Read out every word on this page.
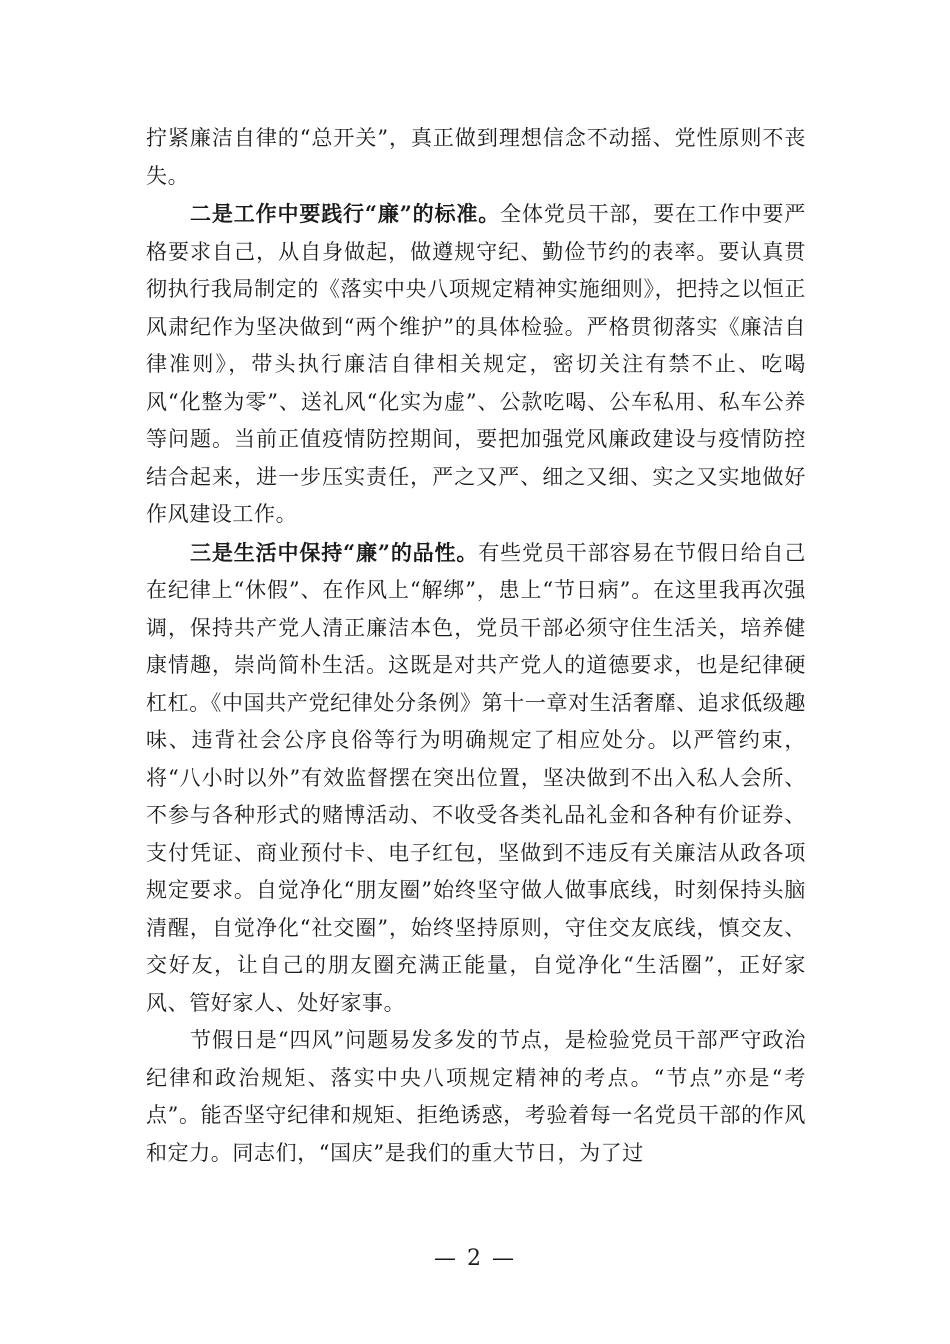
拧紧廉洁自律的“总开关”，真正做到理想信念不动摇、党性原则不丧失。

二是工作中要践行“廉”的标准。全体党员干部，要在工作中要严格要求自己，从自身做起，做遵规守纪、勤俭节约的表率。要认真贯彻执行我局制定的《落实中央八项规定精神实施细则》，把持之以恒正风肃纪作为坚决做到“两个维护”的具体检验。严格贯彻落实《廉洁自律准则》，带头执行廉洁自律相关规定，密切关注有禁不止、吃喝风“化整为零”、送礼风“化实为虚”、公款吃喝、公车私用、私车公养等问题。当前正值疫情防控期间，要把加强党风廉政建设与疫情防控结合起来，进一步压实责任，严之又严、细之又细、实之又实地做好作风建设工作。

三是生活中保持“廉”的品性。有些党员干部容易在节假日给自己在纪律上“休假”、在作风上“解绑”，患上“节日病”。在这里我再次强调，保持共产党人清正廉洁本色，党员干部必须守住生活关，培养健康情趣，崇尚简朴生活。这既是对共产党人的道德要求，也是纪律硬杠杠。《中国共产党纪律处分条例》第十一章对生活奢靡、追求低级趣味、违背社会公序良俗等行为明确规定了相应处分。以严管约束，将“八小时以外”有效监督摆在突出位置，坚决做到不出入私人会所、不参与各种形式的赌博活动、不收受各类礼品礼金和各种有价证券、支付凭证、商业预付卡、电子红包，坚做到不违反有关廉洁从政各项规定要求。自觉净化“朋友圈”始终坚守做人做事底线，时刻保持头脑清醒，自觉净化“社交圈”，始终坚持原则，守住交友底线，慎交友、交好友，让自己的朋友圈充满正能量，自觉净化“生活圈”，正好家风、管好家人、处好家事。

节假日是“四风”问题易发多发的节点，是检验党员干部严守政治纪律和政治规矩、落实中央八项规定精神的考点。“节点”亦是“考点”。能否坚守纪律和规矩、拒绝诱惑，考验着每一名党员干部的作风和定力。同志们，“国庆”是我们的重大节日，为了过

— 2 —
